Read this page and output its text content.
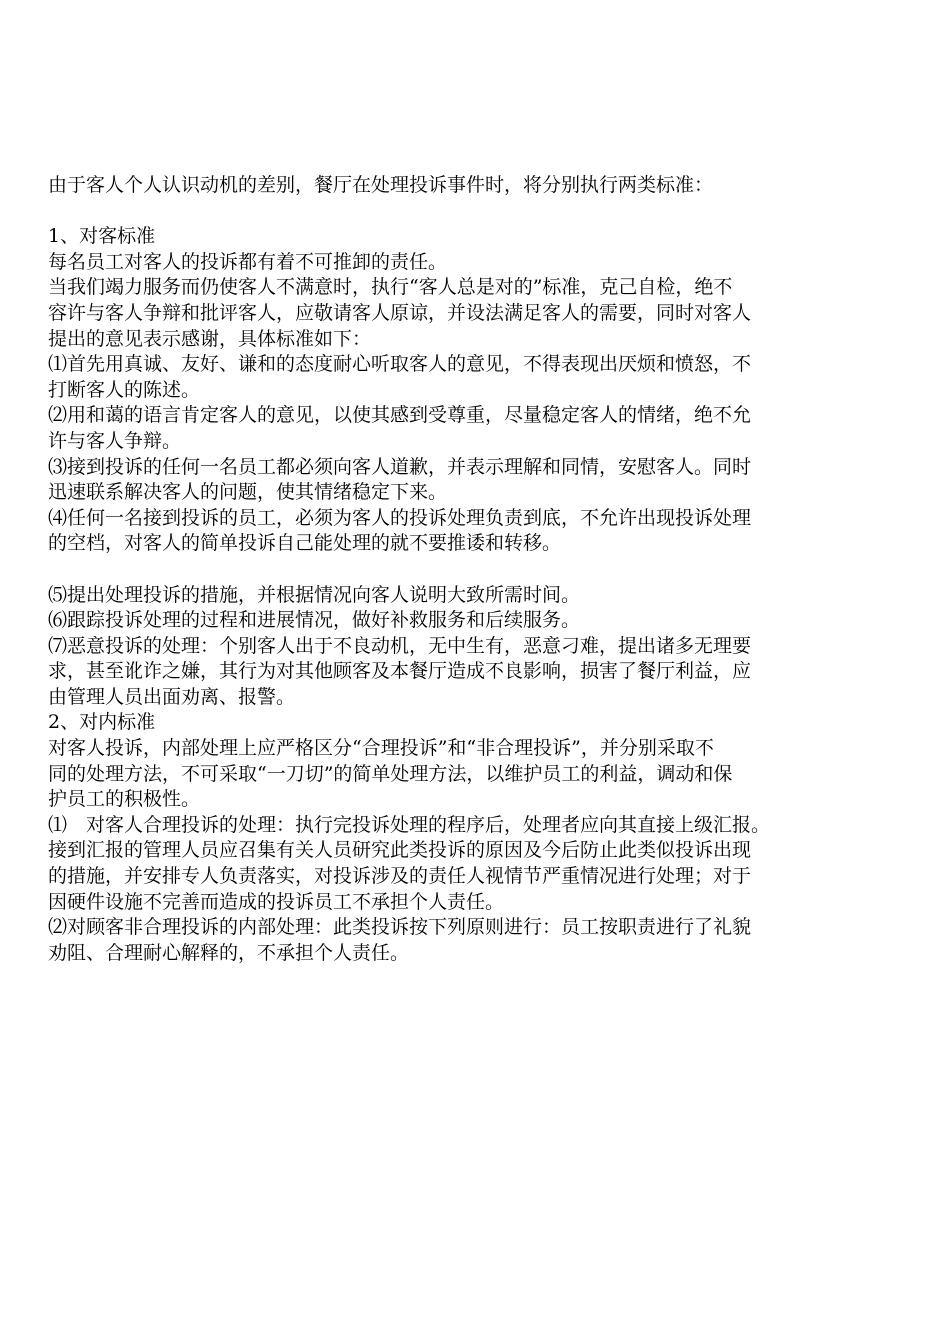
由于客人个人认识动机的差别，餐厅在处理投诉事件时，将分别执行两类标准：
1、对客标准
每名员工对客人的投诉都有着不可推卸的责任。
当我们竭力服务而仍使客人不满意时，执行“客人总是对的”标准，克己自检，绝不
容许与客人争辩和批评客人，应敬请客人原谅，并设法满足客人的需要，同时对客人
提出的意见表示感谢，具体标准如下：
⑴首先用真诚、友好、谦和的态度耐心听取客人的意见，不得表现出厌烦和愤怒，不
打断客人的陈述。
⑵用和蔼的语言肯定客人的意见，以使其感到受尊重，尽量稳定客人的情绪，绝不允
许与客人争辩。
⑶接到投诉的任何一名员工都必须向客人道歉，并表示理解和同情，安慰客人。同时
迅速联系解决客人的问题，使其情绪稳定下来。
⑷任何一名接到投诉的员工，必须为客人的投诉处理负责到底，不允许出现投诉处理
的空档，对客人的简单投诉自己能处理的就不要推诿和转移。
⑸提出处理投诉的措施，并根据情况向客人说明大致所需时间。
⑹跟踪投诉处理的过程和进展情况，做好补救服务和后续服务。
⑺恶意投诉的处理：个别客人出于不良动机，无中生有，恶意刁难，提出诸多无理要
求，甚至讹诈之嫌，其行为对其他顾客及本餐厅造成不良影响，损害了餐厅利益，应
由管理人员出面劝离、报警。
2、对内标准
对客人投诉，内部处理上应严格区分“合理投诉”和“非合理投诉”，并分别采取不
同的处理方法，不可采取“一刀切”的简单处理方法，以维护员工的利益，调动和保
护员工的积极性。
⑴　对客人合理投诉的处理：执行完投诉处理的程序后，处理者应向其直接上级汇报。
接到汇报的管理人员应召集有关人员研究此类投诉的原因及今后防止此类似投诉出现
的措施，并安排专人负责落实，对投诉涉及的责任人视情节严重情况进行处理；对于
因硬件设施不完善而造成的投诉员工不承担个人责任。
⑵对顾客非合理投诉的内部处理：此类投诉按下列原则进行：员工按职责进行了礼貌
劝阻、合理耐心解释的，不承担个人责任。
